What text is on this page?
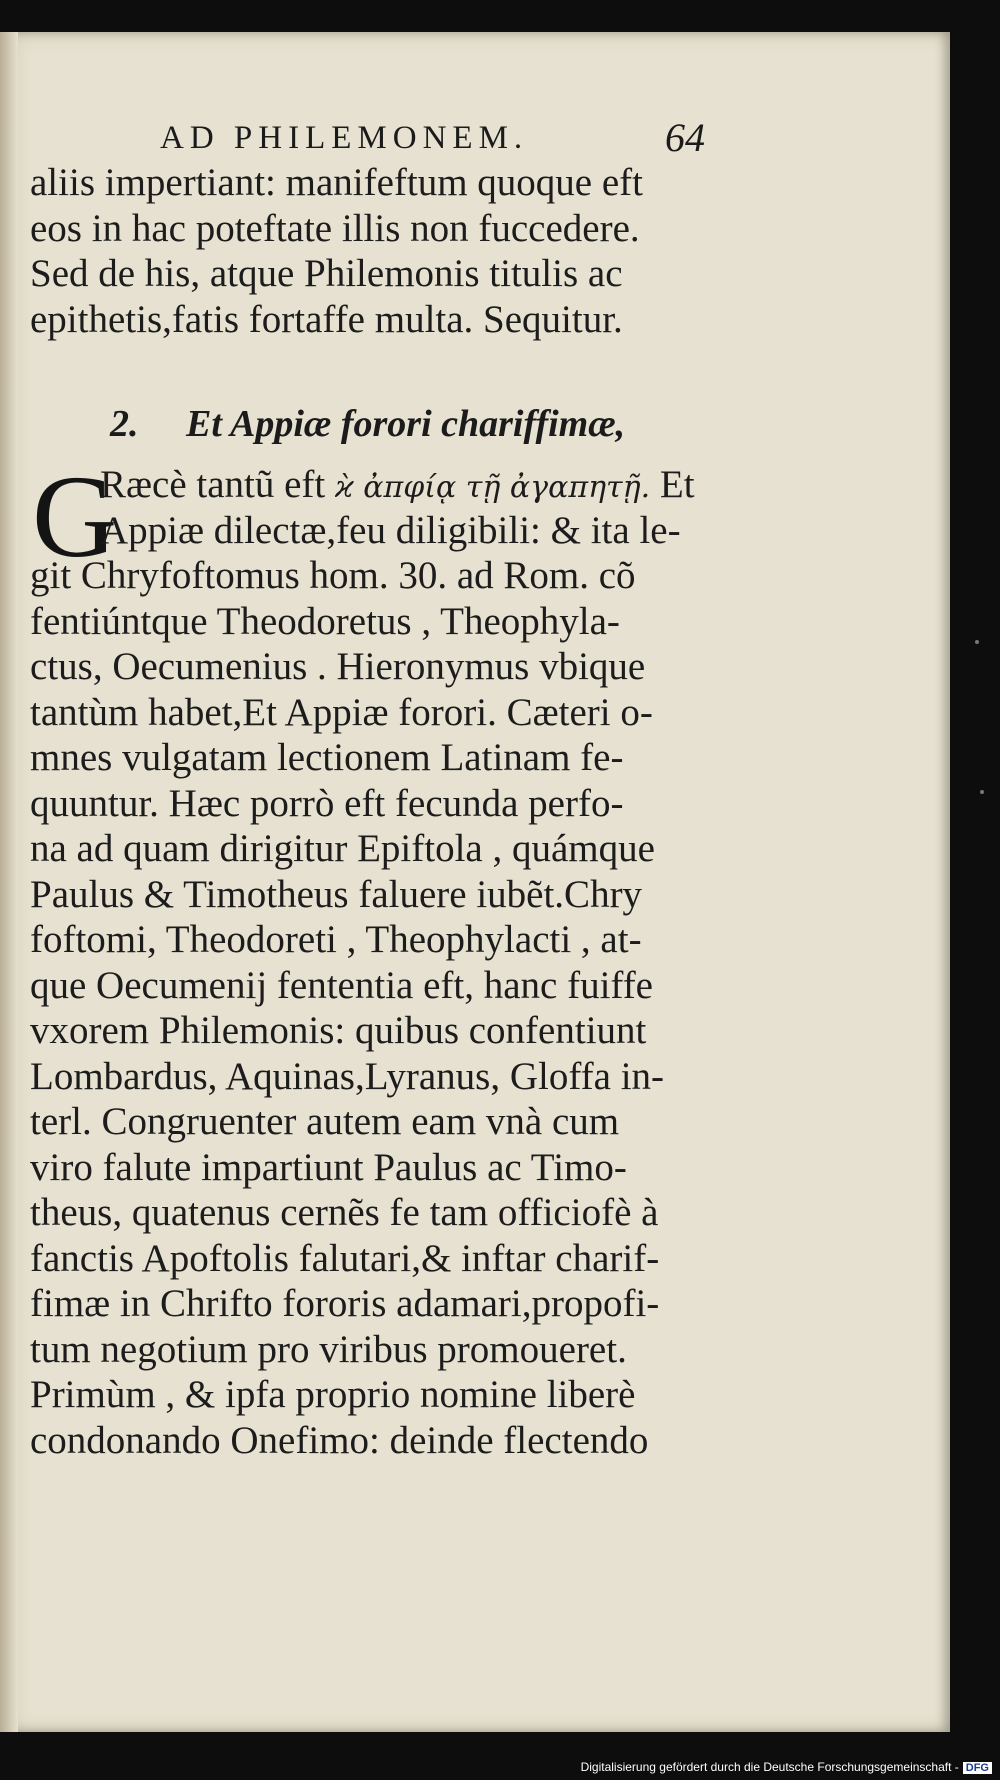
AD PHILEMONEM.	64
aliis impertiant: manifeftum quoque eft
eos in hac poteftate illis non fuccedere.
Sed de his, atque Philemonis titulis ac
epithetis,fatis fortaffe multa. Sequitur.
2. Et Appiæ forori chariffimæ,
G
Ræcè tantũ eft ϰ̀ ἀπφίᾳ τῇ ἀγαπητῇ. Et
Appiæ dilectæ,feu diligibili: & ita le-
git Chryfoftomus hom. 30. ad Rom. cõ
fentiúntque Theodoretus , Theophyla-
ctus, Oecumenius . Hieronymus vbique
tantùm habet,Et Appiæ forori. Cæteri o-
mnes vulgatam lectionem Latinam fe-
quuntur. Hæc porrò eft fecunda perfo-
na ad quam dirigitur Epiftola , quámque
Paulus & Timotheus faluere iubẽt.Chry
foftomi, Theodoreti , Theophylacti , at-
que Oecumenij fententia eft, hanc fuiffe
vxorem Philemonis: quibus confentiunt
Lombardus, Aquinas,Lyranus, Gloffa in-
terl. Congruenter autem eam vnà cum
viro falute impartiunt Paulus ac Timo-
theus, quatenus cernẽs fe tam officiofè à
fanctis Apoftolis falutari,& inftar charif-
fimæ in Chrifto fororis adamari,propofi-
tum negotium pro viribus promoueret.
Primùm , & ipfa proprio nomine liberè
condonando Onefimo: deinde flectendo
Digitalisierung gefördert durch die Deutsche Forschungsgemeinschaft - DFG
